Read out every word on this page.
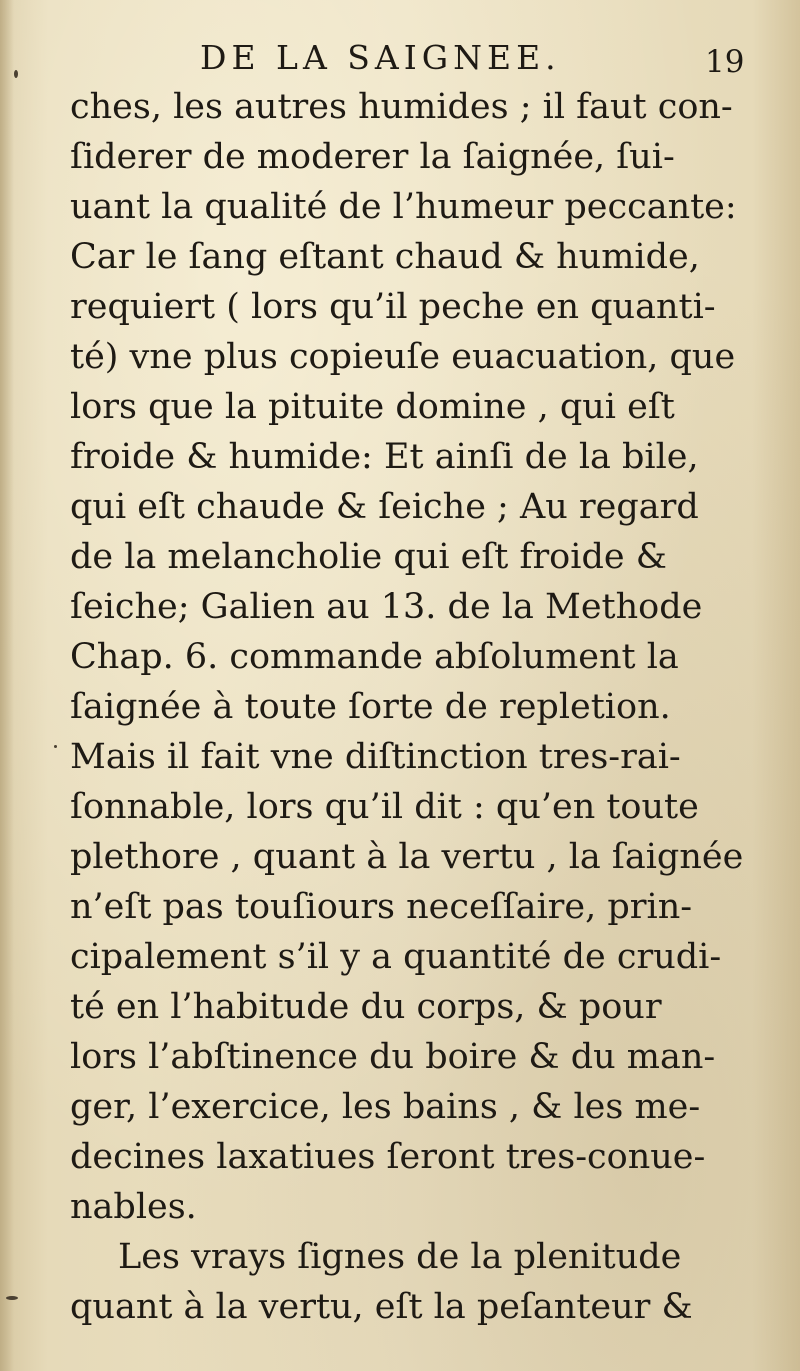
DE LA SAIGNEE.	19
ches, les autres humides ; il faut con-
ſiderer de moderer la ſaignée, ſui-
uant la qualité de l’humeur peccante:
Car le ſang eſtant chaud & humide,
requiert ( lors qu’il peche en quanti-
té) vne plus copieuſe euacuation, que
lors que la pituite domine , qui eſt
froide & humide: Et ainſi de la bile,
qui eſt chaude & ſeiche ; Au regard
de la melancholie qui eſt froide &
ſeiche; Galien au 13. de la Methode
Chap. 6. commande abſolument la
ſaignée à toute ſorte de repletion.
Mais il fait vne diſtinction tres-rai-
ſonnable, lors qu’il dit : qu’en toute
plethore , quant à la vertu , la ſaignée
n’eſt pas touſiours neceſſaire, prin-
cipalement s’il y a quantité de crudi-
té en l’habitude du corps, & pour
lors l’abſtinence du boire & du man-
ger, l’exercice, les bains , & les me-
decines laxatiues ſeront tres-conue-
nables.
Les vrays ſignes de la plenitude
quant à la vertu, eſt la peſanteur &
